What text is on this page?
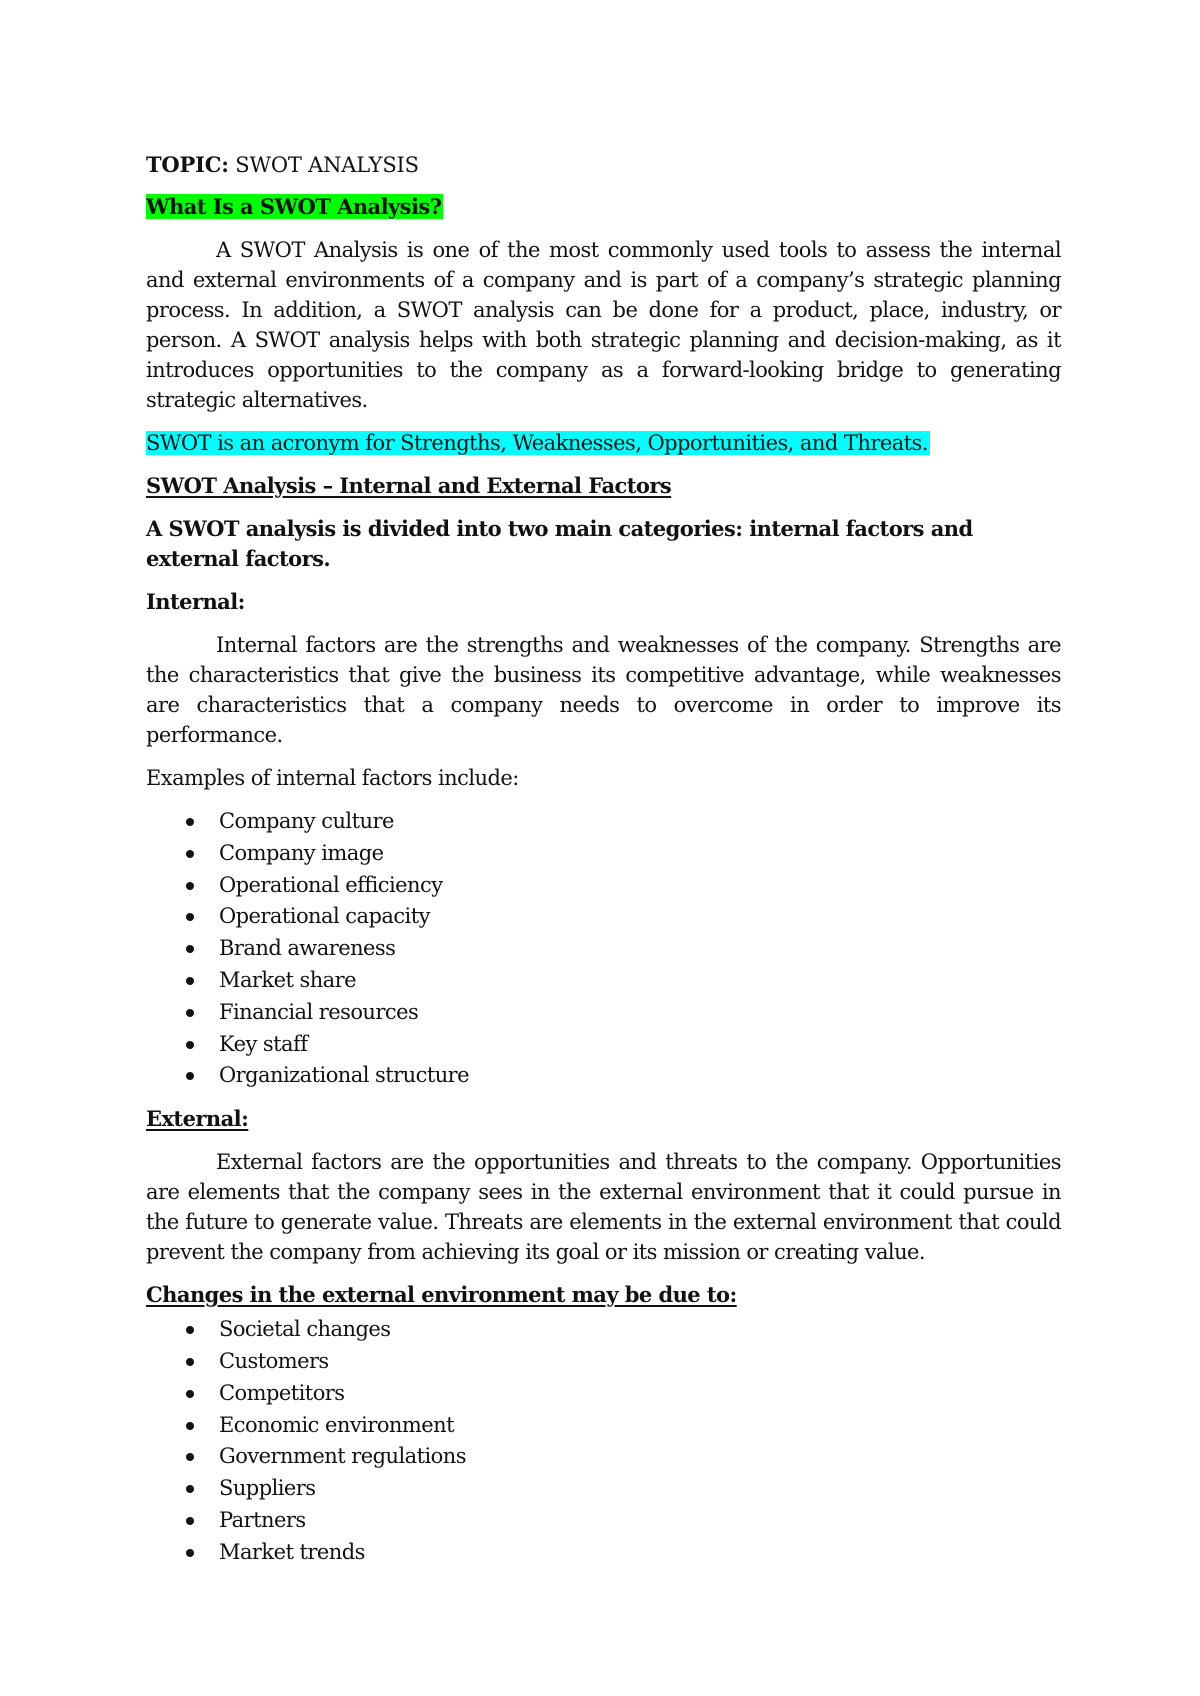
TOPIC: SWOT ANALYSIS

What Is a SWOT Analysis?

A SWOT Analysis is one of the most commonly used tools to assess the internal and external environments of a company and is part of a company’s strategic planning process. In addition, a SWOT analysis can be done for a product, place, industry, or person. A SWOT analysis helps with both strategic planning and decision-making, as it introduces opportunities to the company as a forward-looking bridge to generating strategic alternatives.

SWOT is an acronym for Strengths, Weaknesses, Opportunities, and Threats.

SWOT Analysis – Internal and External Factors

A SWOT analysis is divided into two main categories: internal factors and external factors.

Internal:

Internal factors are the strengths and weaknesses of the company. Strengths are the characteristics that give the business its competitive advantage, while weaknesses are characteristics that a company needs to overcome in order to improve its performance.

Examples of internal factors include:

Company culture
Company image
Operational efficiency
Operational capacity
Brand awareness
Market share
Financial resources
Key staff
Organizational structure

External:

External factors are the opportunities and threats to the company. Opportunities are elements that the company sees in the external environment that it could pursue in the future to generate value. Threats are elements in the external environment that could prevent the company from achieving its goal or its mission or creating value.

Changes in the external environment may be due to:

Societal changes
Customers
Competitors
Economic environment
Government regulations
Suppliers
Partners
Market trends
